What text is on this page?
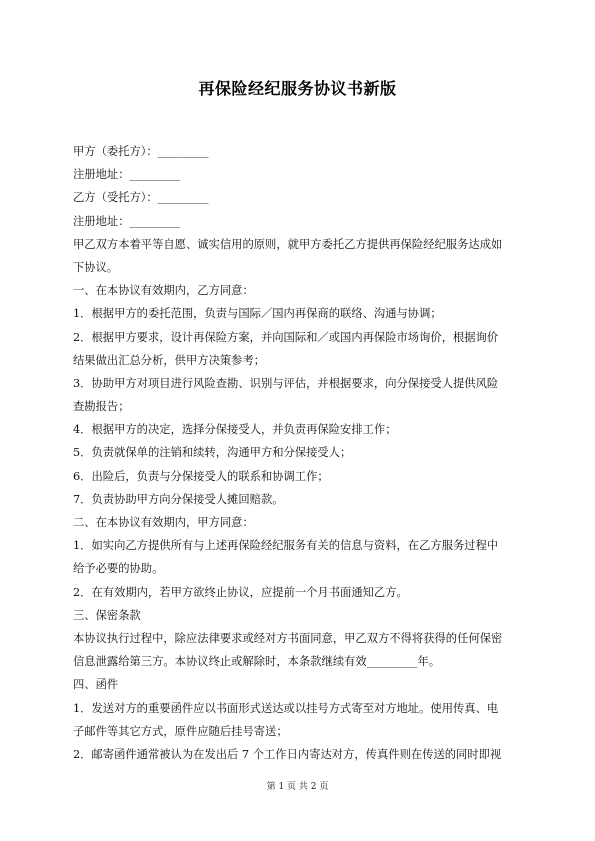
再保险经纪服务协议书新版
甲方（委托方）：_________
注册地址：_________
乙方（受托方）：_________
注册地址：_________
甲乙双方本着平等自愿、诚实信用的原则，就甲方委托乙方提供再保险经纪服务达成如
下协议。
一、在本协议有效期内，乙方同意：
1．根据甲方的委托范围，负责与国际／国内再保商的联络、沟通与协调；
2．根据甲方要求，设计再保险方案，并向国际和／或国内再保险市场询价，根据询价
结果做出汇总分析，供甲方决策参考；
3．协助甲方对项目进行风险查勘、识别与评估，并根据要求，向分保接受人提供风险
查勘报告；
4．根据甲方的决定，选择分保接受人，并负责再保险安排工作；
5．负责就保单的注销和续转，沟通甲方和分保接受人；
6．出险后，负责与分保接受人的联系和协调工作；
7．负责协助甲方向分保接受人摊回赔款。
二、在本协议有效期内，甲方同意：
1．如实向乙方提供所有与上述再保险经纪服务有关的信息与资料，在乙方服务过程中
给予必要的协助。
2．在有效期内，若甲方欲终止协议，应提前一个月书面通知乙方。
三、保密条款
本协议执行过程中，除应法律要求或经对方书面同意，甲乙双方不得将获得的任何保密
信息泄露给第三方。本协议终止或解除时，本条款继续有效_________年。
四、函件
1．发送对方的重要函件应以书面形式送达或以挂号方式寄至对方地址。使用传真、电
子邮件等其它方式，原件应随后挂号寄送；
2．邮寄函件通常被认为在发出后 7 个工作日内寄达对方，传真件则在传送的同时即视
第 1 页 共 2 页
